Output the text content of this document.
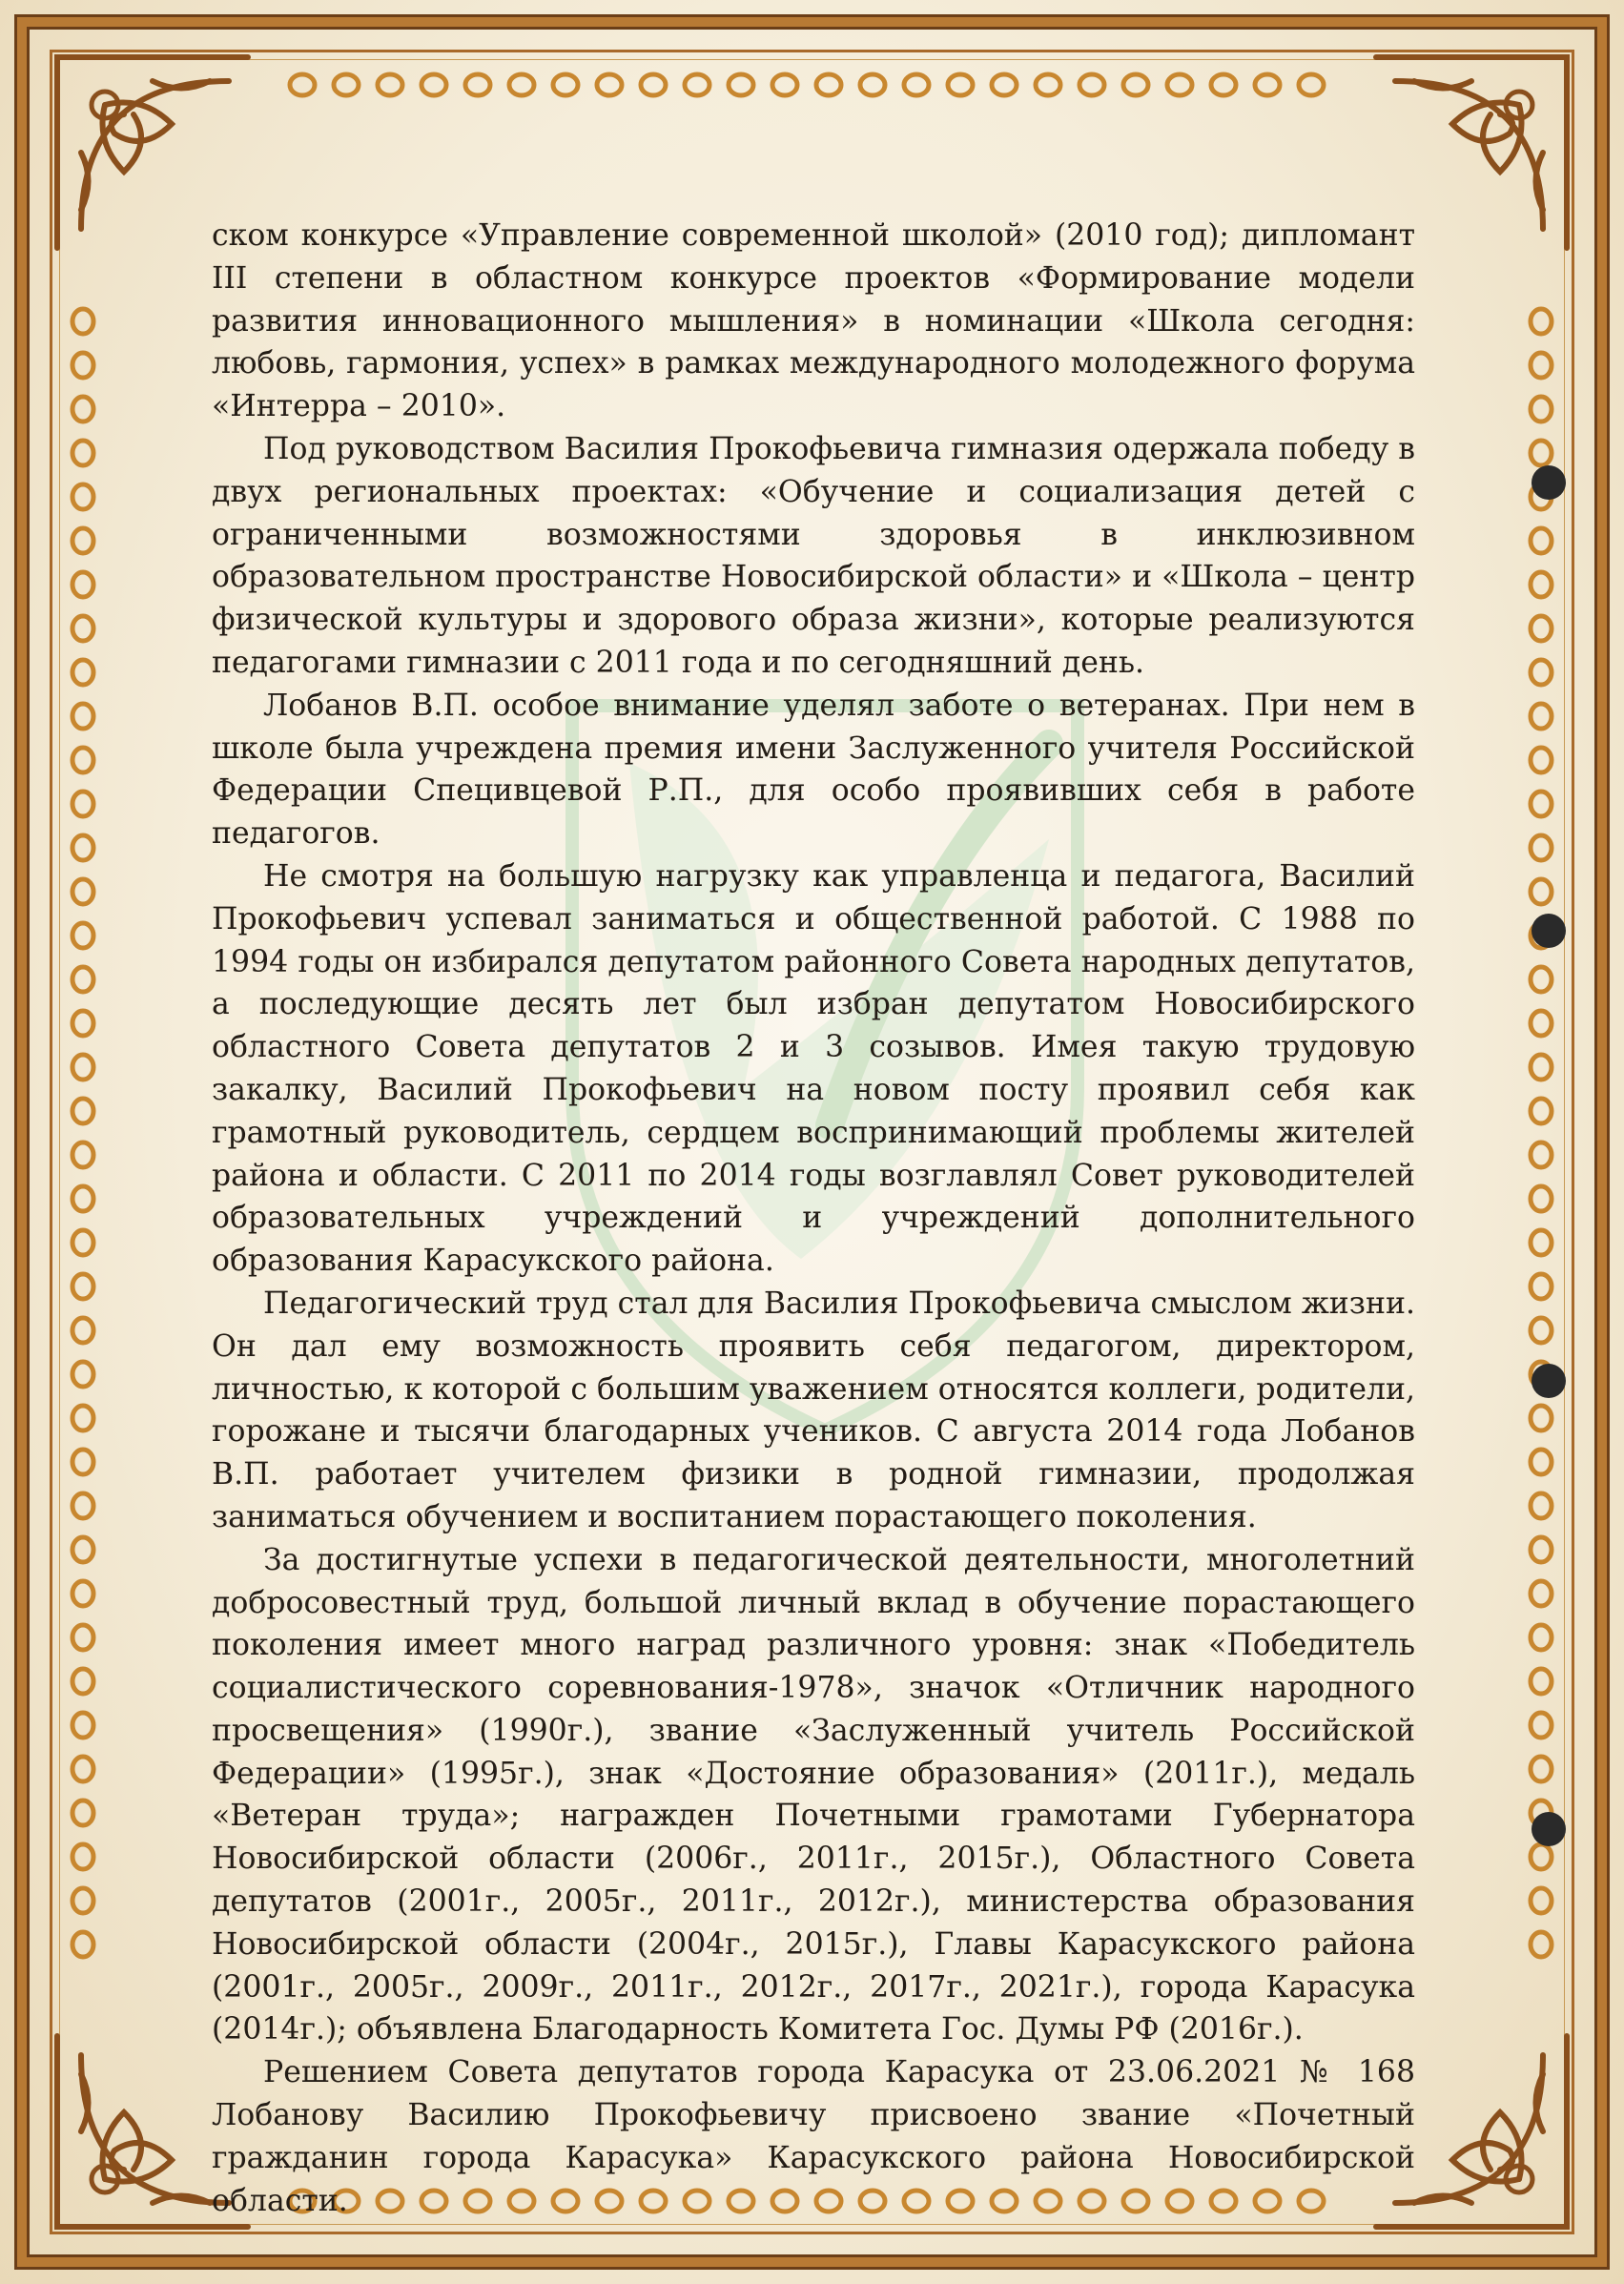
ском конкурсе «Управление современной школой» (2010 год); дипломант III степени в областном конкурсе проектов «Формирование модели развития инновационного мышления» в номинации «Школа сегодня: любовь, гармония, успех» в рамках международного молодежного форума «Интерра – 2010».

Под руководством Василия Прокофьевича гимназия одержала победу в двух региональных проектах: «Обучение и социализация детей с ограниченными возможностями здоровья в инклюзивном образовательном пространстве Новосибирской области» и «Школа – центр физической культуры и здорового образа жизни», которые реализуются педагогами гимназии с 2011 года и по сегодняшний день.

Лобанов В.П. особое внимание уделял заботе о ветеранах. При нем в школе была учреждена премия имени Заслуженного учителя Российской Федерации Специвцевой Р.П., для особо проявивших себя в работе педагогов.

Не смотря на большую нагрузку как управленца и педагога, Василий Прокофьевич успевал заниматься и общественной работой. С 1988 по 1994 годы он избирался депутатом районного Совета народных депутатов, а последующие десять лет был избран депутатом Новосибирского областного Совета депутатов 2 и 3 созывов. Имея такую трудовую закалку, Василий Прокофьевич на новом посту проявил себя как грамотный руководитель, сердцем воспринимающий проблемы жителей района и области. С 2011 по 2014 годы возглавлял Совет руководителей образовательных учреждений и учреждений дополнительного образования Карасукского района.

Педагогический труд стал для Василия Прокофьевича смыслом жизни. Он дал ему возможность проявить себя педагогом, директором, личностью, к которой с большим уважением относятся коллеги, родители, горожане и тысячи благодарных учеников. С августа 2014 года Лобанов В.П. работает учителем физики в родной гимназии, продолжая заниматься обучением и воспитанием порастающего поколения.

За достигнутые успехи в педагогической деятельности, многолетний добросовестный труд, большой личный вклад в обучение порастающего поколения имеет много наград различного уровня: знак «Победитель социалистического соревнования-1978», значок «Отличник народного просвещения» (1990г.), звание «Заслуженный учитель Российской Федерации» (1995г.), знак «Достояние образования» (2011г.), медаль «Ветеран труда»; награжден Почетными грамотами Губернатора Новосибирской области (2006г., 2011г., 2015г.), Областного Совета депутатов (2001г., 2005г., 2011г., 2012г.), министерства образования Новосибирской области (2004г., 2015г.), Главы Карасукского района (2001г., 2005г., 2009г., 2011г., 2012г., 2017г., 2021г.), города Карасука (2014г.); объявлена Благодарность Комитета Гос. Думы РФ (2016г.).

Решением Совета депутатов города Карасука от 23.06.2021 № 168 Лобанову Василию Прокофьевичу присвоено звание «Почетный гражданин города Карасука» Карасукского района Новосибирской области.
